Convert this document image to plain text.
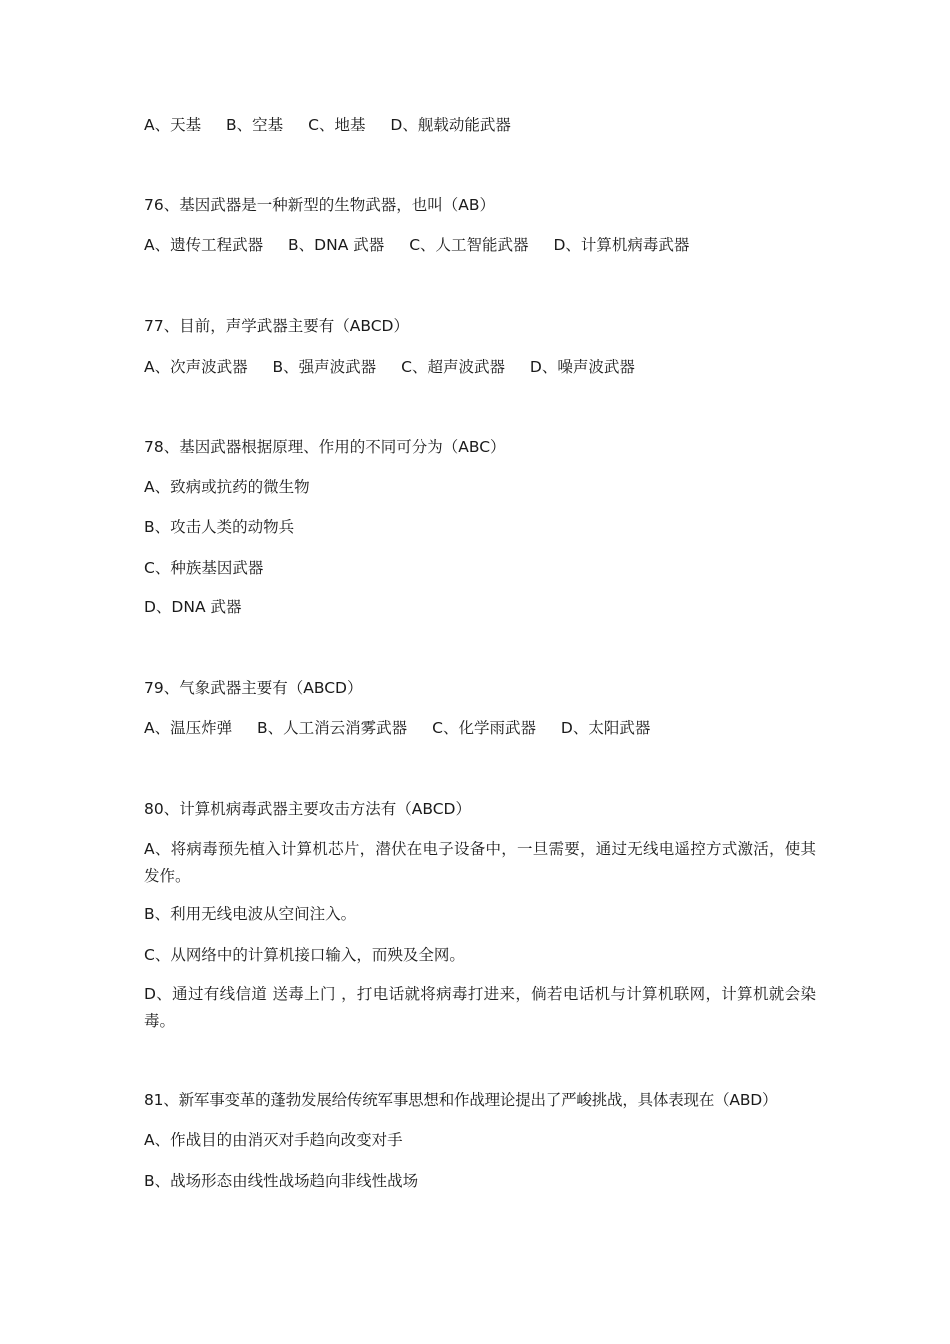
A、天基 B、空基 C、地基 D、舰载动能武器
76、基因武器是一种新型的生物武器，也叫（AB）
A、遗传工程武器 B、DNA 武器 C、人工智能武器 D、计算机病毒武器
77、目前，声学武器主要有（ABCD）
A、次声波武器 B、强声波武器 C、超声波武器 D、噪声波武器
78、基因武器根据原理、作用的不同可分为（ABC）
A、致病或抗药的微生物
B、攻击人类的动物兵
C、种族基因武器
D、DNA 武器
79、气象武器主要有（ABCD）
A、温压炸弹 B、人工消云消雾武器 C、化学雨武器 D、太阳武器
80、计算机病毒武器主要攻击方法有（ABCD）
A、将病毒预先植入计算机芯片，潜伏在电子设备中，一旦需要，通过无线电遥控方式激活，使其发作。
B、利用无线电波从空间注入。
C、从网络中的计算机接口输入，而殃及全网。
D、通过有线信道 送毒上门 ，打电话就将病毒打进来，倘若电话机与计算机联网，计算机就会染毒。
81、新军事变革的蓬勃发展给传统军事思想和作战理论提出了严峻挑战，具体表现在（ABD）
A、作战目的由消灭对手趋向改变对手
B、战场形态由线性战场趋向非线性战场
